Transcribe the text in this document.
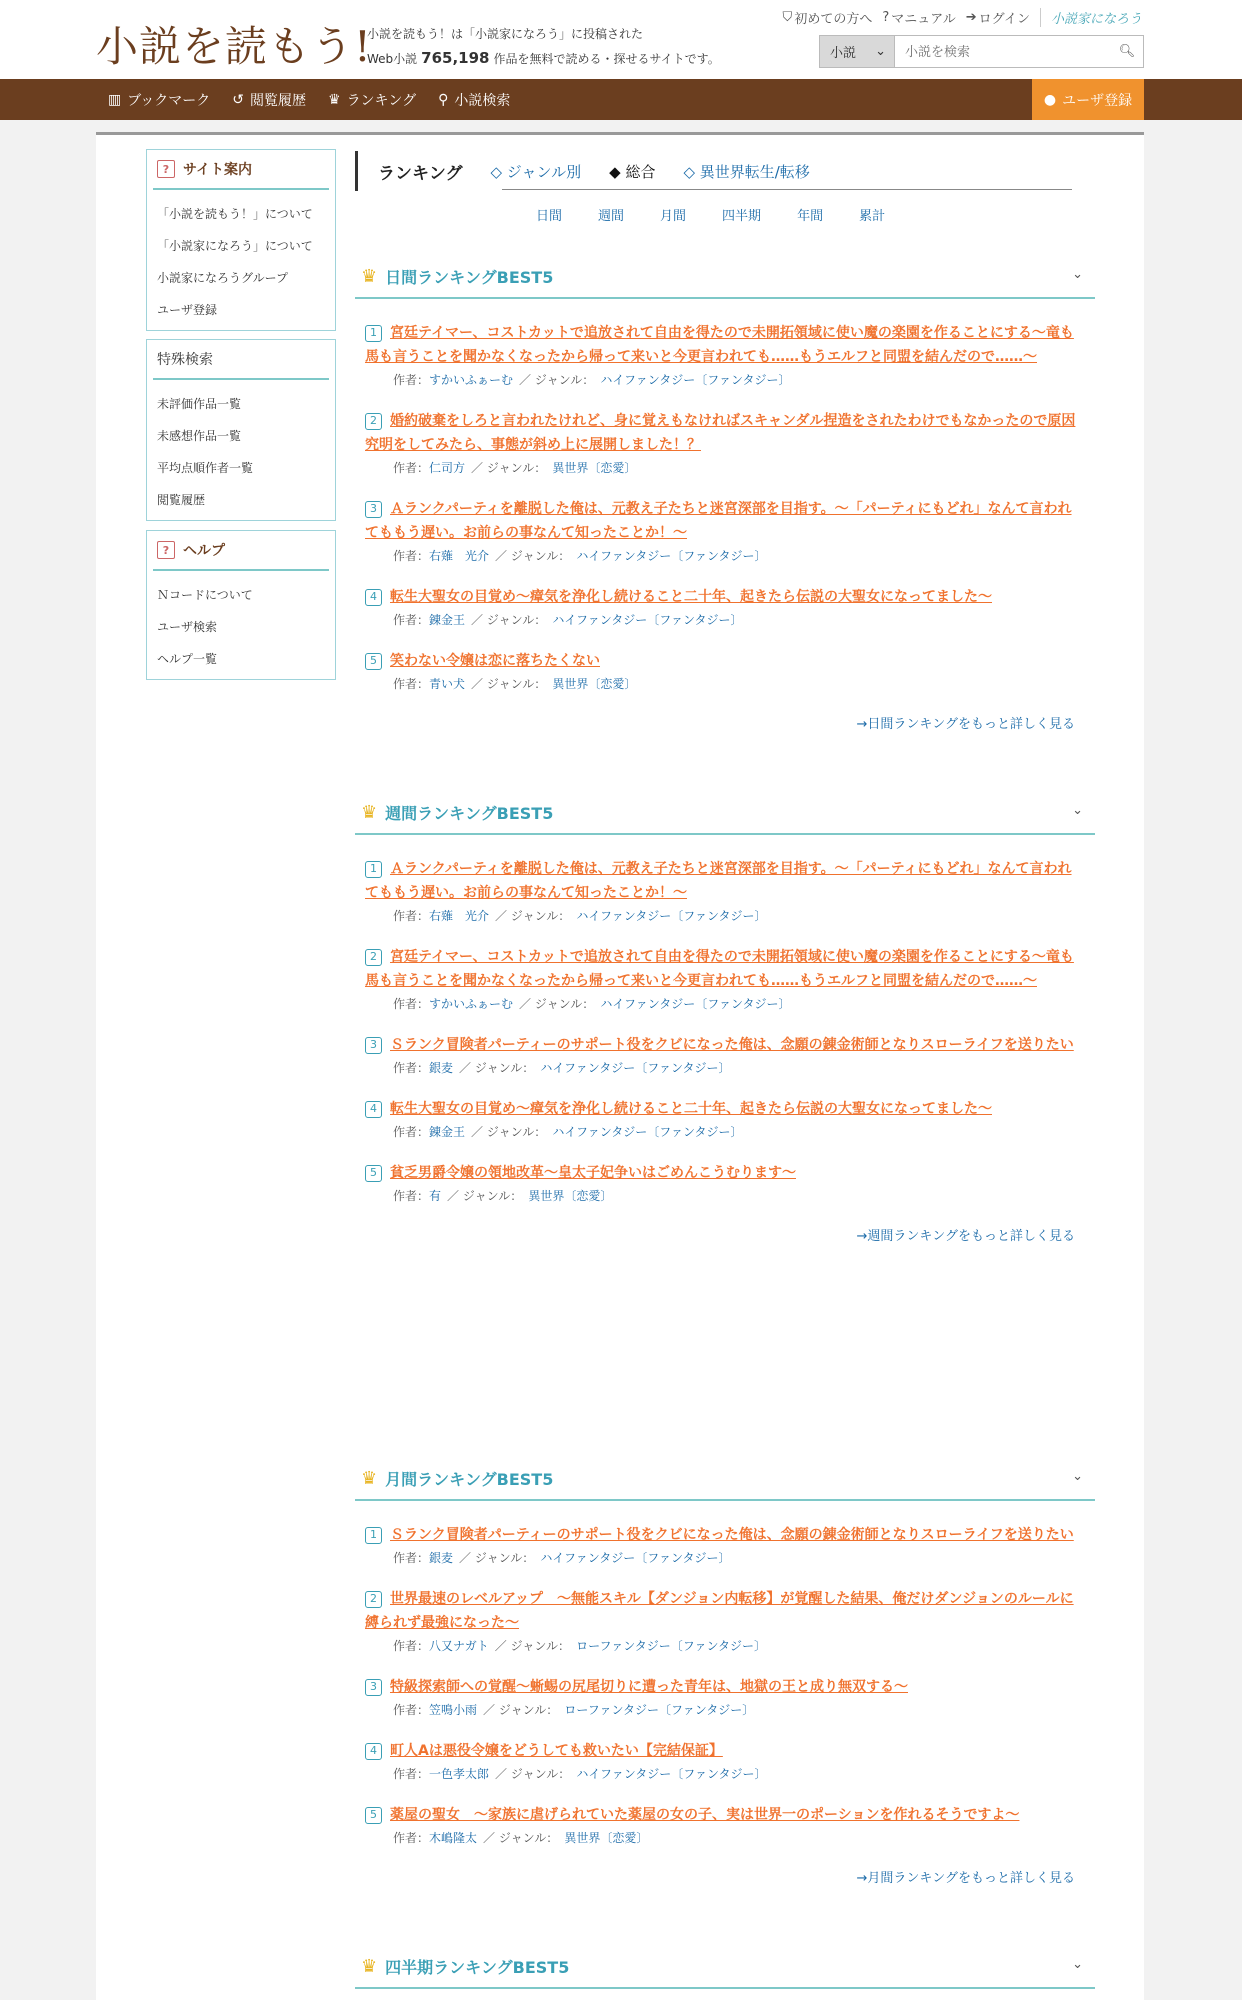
小説を読もう!
小説を読もう！は「小説家になろう」に投稿された
Web小説 765,198 作品を無料で読める・探せるサイトです。
⛉ 初めての方へ ? マニュアル ➔ ログイン	小説家になろう
小説 ⌄
小説を検索	🔍︎
▥ ブックマーク ↺ 閲覧履歴 ♛ ランキング ⚲ 小説検索	● ユーザ登録
? サイト案内
「小説を読もう！」について
「小説家になろう」について
小説家になろうグループ
ユーザ登録
特殊検索
未評価作品一覧
未感想作品一覧
平均点順作者一覧
閲覧履歴
? ヘルプ
Ｎコードについて
ユーザ検索
ヘルプ一覧
ランキング ◇ ジャンル別 ◆ 総合 ◇ 異世界転生/転移
日間	週間	月間	四半期	年間	累計
♛ 日間ランキングBEST5	⌄
1 宮廷テイマー、コストカットで追放されて自由を得たので未開拓領域に使い魔の楽園を作ることにする～竜も馬も言うことを聞かなくなったから帰って来いと今更言われても……もうエルフと同盟を結んだので……～
作者：すかいふぁーむ ／ ジャンル： ハイファンタジー〔ファンタジー〕
2 婚約破棄をしろと言われたけれど、身に覚えもなければスキャンダル捏造をされたわけでもなかったので原因究明をしてみたら、事態が斜め上に展開しました！？
作者：仁司方 ／ ジャンル： 異世界〔恋愛〕
3 Ａランクパーティを離脱した俺は、元教え子たちと迷宮深部を目指す。～「パーティにもどれ」なんて言われてももう遅い。お前らの事なんて知ったことか！～
作者：右薙　光介 ／ ジャンル： ハイファンタジー〔ファンタジー〕
4 転生大聖女の目覚め～瘴気を浄化し続けること二十年、起きたら伝説の大聖女になってました～
作者：錬金王 ／ ジャンル： ハイファンタジー〔ファンタジー〕
5 笑わない令嬢は恋に落ちたくない
作者：青い犬 ／ ジャンル： 異世界〔恋愛〕
→日間ランキングをもっと詳しく見る
♛ 週間ランキングBEST5	⌄
1 Ａランクパーティを離脱した俺は、元教え子たちと迷宮深部を目指す。～「パーティにもどれ」なんて言われてももう遅い。お前らの事なんて知ったことか！～
作者：右薙　光介 ／ ジャンル： ハイファンタジー〔ファンタジー〕
2 宮廷テイマー、コストカットで追放されて自由を得たので未開拓領域に使い魔の楽園を作ることにする～竜も馬も言うことを聞かなくなったから帰って来いと今更言われても……もうエルフと同盟を結んだので……～
作者：すかいふぁーむ ／ ジャンル： ハイファンタジー〔ファンタジー〕
3 Ｓランク冒険者パーティーのサポート役をクビになった俺は、念願の錬金術師となりスローライフを送りたい
作者：銀麦 ／ ジャンル： ハイファンタジー〔ファンタジー〕
4 転生大聖女の目覚め～瘴気を浄化し続けること二十年、起きたら伝説の大聖女になってました～
作者：錬金王 ／ ジャンル： ハイファンタジー〔ファンタジー〕
5 貧乏男爵令嬢の領地改革～皇太子妃争いはごめんこうむります～
作者：有 ／ ジャンル： 異世界〔恋愛〕
→週間ランキングをもっと詳しく見る
♛ 月間ランキングBEST5	⌄
1 Ｓランク冒険者パーティーのサポート役をクビになった俺は、念願の錬金術師となりスローライフを送りたい
作者：銀麦 ／ ジャンル： ハイファンタジー〔ファンタジー〕
2 世界最速のレベルアップ　～無能スキル【ダンジョン内転移】が覚醒した結果、俺だけダンジョンのルールに縛られず最強になった～
作者：八又ナガト ／ ジャンル： ローファンタジー〔ファンタジー〕
3 特級探索師への覚醒～蜥蜴の尻尾切りに遭った青年は、地獄の王と成り無双する～
作者：笠鳴小雨 ／ ジャンル： ローファンタジー〔ファンタジー〕
4 町人Aは悪役令嬢をどうしても救いたい【完結保証】
作者：一色孝太郎 ／ ジャンル： ハイファンタジー〔ファンタジー〕
5 薬屋の聖女　～家族に虐げられていた薬屋の女の子、実は世界一のポーションを作れるそうですよ～
作者：木嶋隆太 ／ ジャンル： 異世界〔恋愛〕
→月間ランキングをもっと詳しく見る
♛ 四半期ランキングBEST5	⌄
